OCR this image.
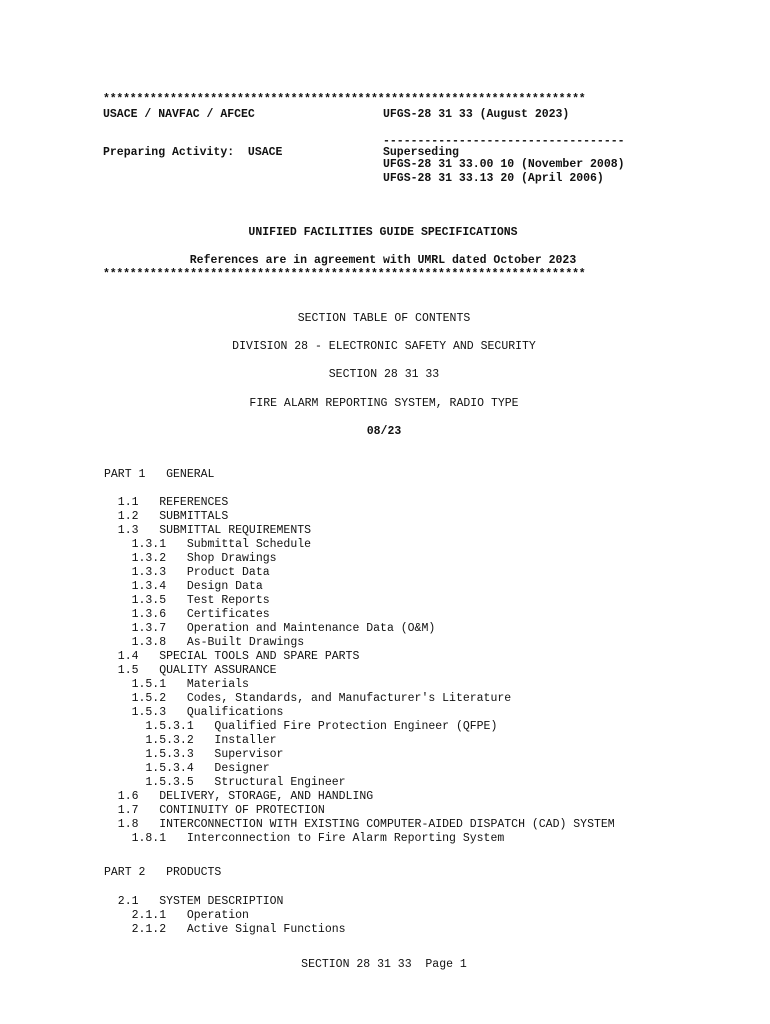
************************************************************************
USACE / NAVFAC / AFCEC	UFGS-28 31 33 (August 2023)
-----------------------------------
Preparing Activity:  USACE	Superseding
UFGS-28 31 33.00 10 (November 2008)
UFGS-28 31 33.13 20 (April 2006)
UNIFIED FACILITIES GUIDE SPECIFICATIONS
References are in agreement with UMRL dated October 2023
************************************************************************
SECTION TABLE OF CONTENTS
DIVISION 28 - ELECTRONIC SAFETY AND SECURITY
SECTION 28 31 33
FIRE ALARM REPORTING SYSTEM, RADIO TYPE
08/23
PART 1   GENERAL
1.1   REFERENCES
1.2   SUBMITTALS
1.3   SUBMITTAL REQUIREMENTS
1.3.1   Submittal Schedule
1.3.2   Shop Drawings
1.3.3   Product Data
1.3.4   Design Data
1.3.5   Test Reports
1.3.6   Certificates
1.3.7   Operation and Maintenance Data (O&M)
1.3.8   As-Built Drawings
1.4   SPECIAL TOOLS AND SPARE PARTS
1.5   QUALITY ASSURANCE
1.5.1   Materials
1.5.2   Codes, Standards, and Manufacturer's Literature
1.5.3   Qualifications
1.5.3.1   Qualified Fire Protection Engineer (QFPE)
1.5.3.2   Installer
1.5.3.3   Supervisor
1.5.3.4   Designer
1.5.3.5   Structural Engineer
1.6   DELIVERY, STORAGE, AND HANDLING
1.7   CONTINUITY OF PROTECTION
1.8   INTERCONNECTION WITH EXISTING COMPUTER-AIDED DISPATCH (CAD) SYSTEM
1.8.1   Interconnection to Fire Alarm Reporting System
PART 2   PRODUCTS
2.1   SYSTEM DESCRIPTION
2.1.1   Operation
2.1.2   Active Signal Functions
SECTION 28 31 33  Page 1
